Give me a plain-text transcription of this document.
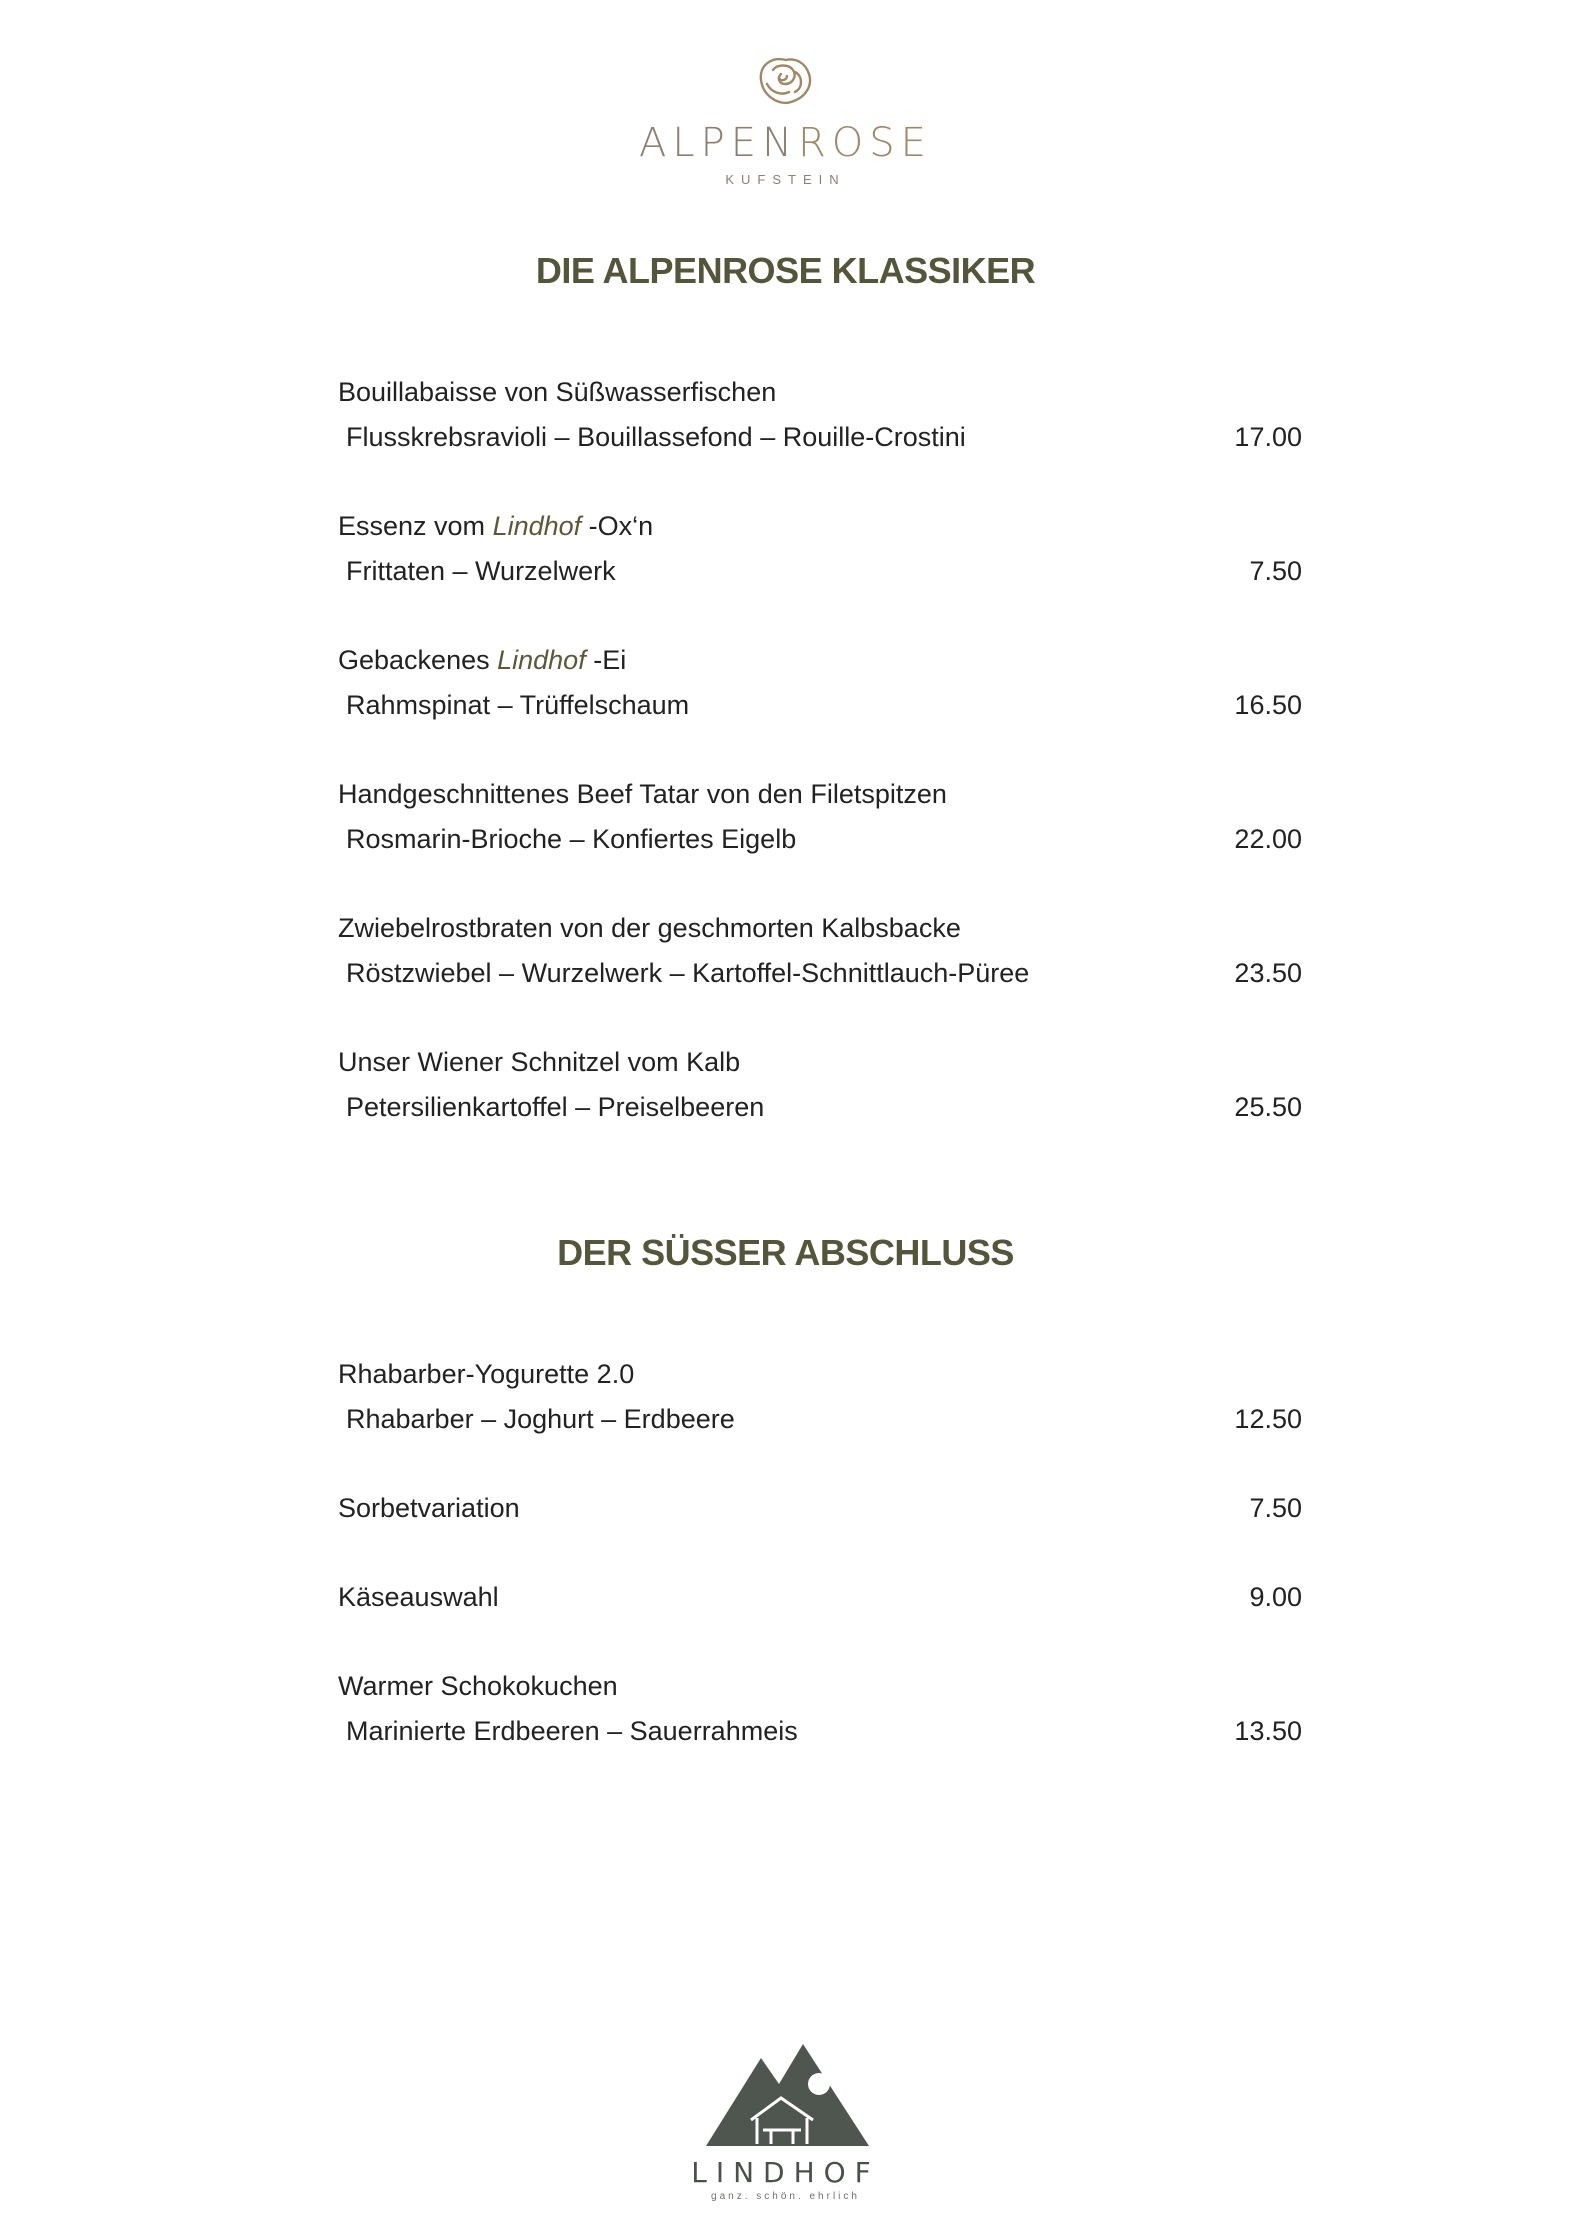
ALPENROSE
KUFSTEIN
DIE ALPENROSE KLASSIKER
Bouillabaisse von Süßwasserfischen
Flusskrebsravioli – Bouillassefond – Rouille-Crostini	17.00
Essenz vom Lindhof -Ox‘n
Frittaten – Wurzelwerk	7.50
Gebackenes Lindhof -Ei
Rahmspinat – Trüffelschaum	16.50
Handgeschnittenes Beef Tatar von den Filetspitzen
Rosmarin-Brioche – Konfiertes Eigelb	22.00
Zwiebelrostbraten von der geschmorten Kalbsbacke
Röstzwiebel – Wurzelwerk – Kartoffel-Schnittlauch-Püree	23.50
Unser Wiener Schnitzel vom Kalb
Petersilienkartoffel – Preiselbeeren	25.50
DER SÜSSER ABSCHLUSS
Rhabarber-Yogurette 2.0
Rhabarber – Joghurt – Erdbeere	12.50
Sorbetvariation	7.50
Käseauswahl	9.00
Warmer Schokokuchen
Marinierte Erdbeeren – Sauerrahmeis	13.50
LINDHOF
ganz. schön. ehrlich
